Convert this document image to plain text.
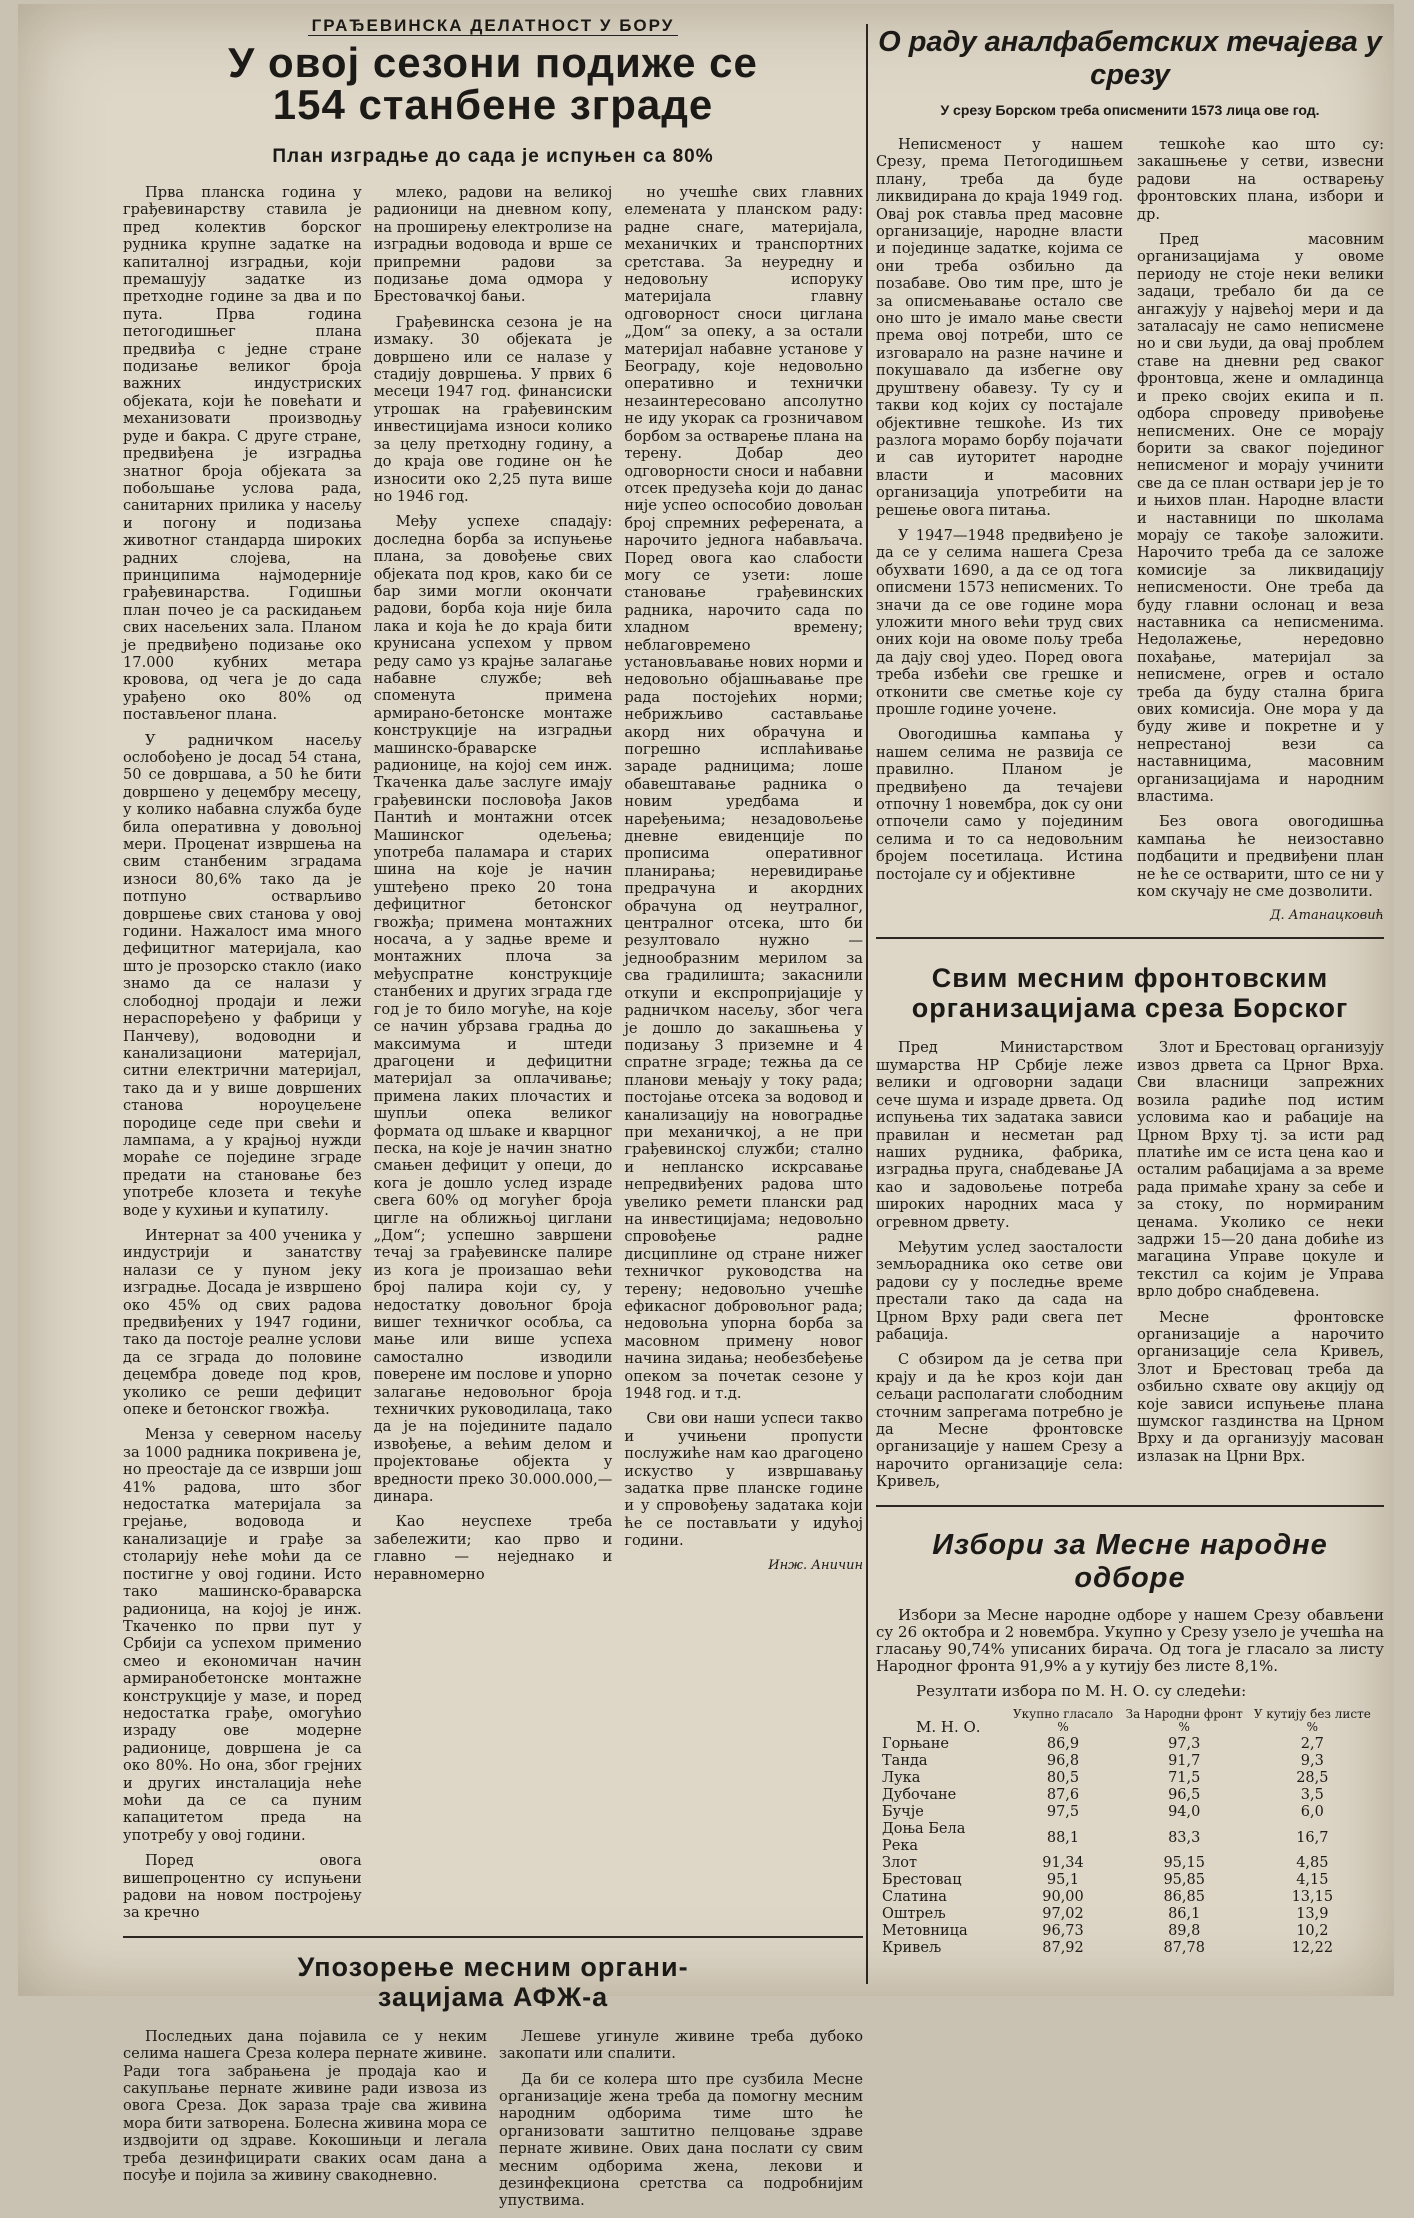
ГРАЂЕВИНСКА ДЕЛАТНОСТ У БОРУ
У овој сезони подиже се
154 станбене зграде
План изградње до сада је испуњен са 80%

Прва планска година у грађевинарству ставила је пред колектив борског рудника крупне задатке на капиталној изградњи, који премашују задатке из претходне године за два и по пута. Прва година петогодишњег плана предвиђа с једне стране подизање великог броја важних индустриских објеката, који ће повећати и механизовати производњу руде и бакра. С друге стране, предвиђена је изградња знатног броја објеката за побољшање услова рада, санитарних прилика у насељу и погону и подизања животног стандарда широких радних слојева, на принципима најмодерније грађевинарства. Годишњи план почео је са раскидањем свих насељених зала. Планом је предвиђено подизање око 17.000 кубних метара кровова, од чега је до сада урађено око 80% од постављеног плана.

У радничком насељу ослобођено је досад 54 стана, 50 се довршава, а 50 ће бити довршено у децембру месецу, у колико набавна служба буде била оперативна у довољној мери. Проценат извршења на свим станбеним зградама износи 80,6% тако да је потпуно остварљиво довршење свих станова у овој години. Нажалост има много дефицитног материјала, као што је прозорско стакло (иако знамо да се налази у слободној продаји и лежи нераспоређено у фабрици у Панчеву), водоводни и канализациони материјал, ситни електрични материјал, тако да и у више довршених станова нороуцељене породице седе при свећи и лампама, а у крајњој нужди мораће се поједине зграде предати на становање без употребе клозета и текуће воде у кухињи и купатилу.

Интернат за 400 ученика у индустрији и занатству налази се у пуном јеку изградње. Досада је извршено око 45% од свих радова предвиђених у 1947 години, тако да постоје реалне услови да се зграда до половине децембра доведе под кров, уколико се реши дефицит опеке и бетонског гвожђа.

Мензa у северном насељу за 1000 радника покривена је, но преостаје да се изврши још 41% радова, што због недостатка материјала за грејање, водовода и канализације и грађе за столарију неће моћи да се постигне у овој години. Исто тако машинско-браварска радионица, на којој је инж. Ткаченко по први пут у Србији са успехом применио смео и економичан начин армиранобетонске монтажне конструкције у мазе, и поред недостатка грађе, омогућио израду ове модерне радионице, довршена је са око 80%. Но она, због грејних и других инсталација неће моћи да се са пуним капацитетом преда на употребу у овој години.

Поред овога вишепроцентно су испуњени радови на новом постројењу за кречно

млеко, радови на великој радионици на дневном копу, на проширењу електролизе на изградњи водовода и врше се припремни радови за подизање дома одмора у Брестовачкој бањи.

Грађевинска сезона је на измаку. 30 објеката је довршено или се налазе у стадију довршења. У првих 6 месеци 1947 год. финансиски утрошак на грађевинским инвестицијама износи колико за целу претходну годину, а до краја ове године он ће износити око 2,25 пута више но 1946 год.

Међу успехе спадају: доследна борба за испуњење плана, за довођење свих објеката под кров, како би се бар зими могли окончати радови, борба која није била лака и која ће до краја бити крунисана успехом у првом реду само уз крајње залагање набавне службе; већ споменута примена армирано-бетонске монтаже конструкције на изградњи машинско-браварске радионице, на којој сем инж. Ткаченка даље заслуге имају грађевински пословођа Јаков Пантић и монтажни отсек Машинског одељења; употреба паламара и старих шина на које је начин уштеђено преко 20 тона дефицитног бетонског гвожђа; примена монтажних носача, а у задње време и монтажних плоча за међуспратне конструкције станбених и других зграда где год је то било могуће, на које се начин убрзава градња до максимума и штеди драгоцени и дефицитни материјал за оплачивање; примена лаких плочастих и шупљи опека великог формата од шљаке и кварцног песка, на које је начин знатно смањен дефицит у опеци, до кога је дошло услед израде свега 60% од могућег броја цигле на оближњој циглани „Дом“; успешно завршени течај за грађевинске палире из кога је произашао већи број палира који су, у недостатку довољног броја вишег техничког особља, са мање или више успеха самостално изводили поверене им послове и упорно залагање недовољног броја техничких руководилаца, тако да је на поједините падало извођење, а већим делом и пројектовање објекта у вредности преко 30.000.000,— динара.

Као неуспехе треба забележити; као прво и главно — неједнако и неравномерно

но учешће свих главних елемената у планском раду: радне снаге, материјала, механичких и транспортних сретстава. За неуредну и недовољну испоруку материјала главну одговорност сноси циглана „Дом“ за опеку, а за остали материјал набавне установе у Београду, које недовољно оперативно и технички незаинтересовано апсолутно не иду укорак са грозничавом борбом за остварење плана на терену. Добар део одговорности сноси и набавни отсек предузећа који до данас није успео оспособио довољан број спремних референата, а нарочито једнога набављача. Поред овога као слабости могу се узети: лоше становање грађевинских радника, нарочито сада по хладном времену; неблаговремено установљавање нових норми и недовољно објашњавање пре рада постојећих норми; небрижљиво састављање акорд них обрачуна и погрешно исплаћивање зараде радницима; лоше обавештавање радника о новим уредбама и наређењима; незадовољење дневне евиденције по прописима оперативног планирања; неревидирање предрачуна и акордних обрачуна од неутралног, централног отсека, што би резултовало нужно — једнообразним мерилом за сва градилишта; закаснили откупи и експропријације у радничком насељу, због чега је дошло до закашњења у подизању 3 приземне и 4 спратне зграде; тежња да се планови мењају у току рада; постојање отсека за водовод и канализацију на новоградње при механичкој, а не при грађевинској служби; стално и непланско искрсавање непредвиђених радова што увелико ремети плански рад на инвестицијама; недовољно спровођење радне дисциплине од стране нижег техничког руководства на терену; недовољно учешће ефикасног добровољног рада; недовољна упорна борба за масовном примену новог начина зидања; необезбеђење опеком за почетак сезоне у 1948 год. и т.д.

Сви ови наши успеси такво и учињени пропусти послужиће нам као драгоцено искуство у извршавању задатка прве планске године и у спровођењу задатака који ће се постављати у идућој години.

Инж. Аничин
Упозорење месним органи-
зацијама АФЖ-а

Последњих дана појавила се у неким селима нашега Среза колера пернате живине. Ради тога забрањена је продаја као и сакупљање пернате живине ради извоза из овога Среза. Док зараза траје сва живина мора бити затворена. Болесна живина мора се издвојити од здраве. Кокошињци и легала треба дезинфицирати сваких осам дана а посуђе и појила за живину свакодневно.

Лешеве угинуле живине треба дубоко закопати или спалити.

Да би се колера што пре сузбила Месне организације жена треба да помогну месним народним одборима тиме што ће организовати заштитно пелцовање здраве пернате живине. Ових дана послати су свим месним одборима жена, лекови и дезинфекциона сретства са подробнијим упуствима.

О раду аналфабетских течајева у срезу
У срезу Борском треба описменити 1573 лица ове год.

Неписменост у нашем Срезу, према Петогодишњем плану, треба да буде ликвидирана до краја 1949 год. Овај рок ставља пред масовне организације, народне власти и појединце задатке, којима се они треба озбиљно да позабаве. Ово тим пре, што је за описмењавање остало све оно што је имало мање свести према овој потреби, што се изговарало на разне начине и покушавало да избегне ову друштвену обавезу. Ту су и такви код којих су постајале објективне тешкоће. Из тих разлога морамо борбу појачати и сав иуторитет народне власти и масовних организација употребити на решење овога питања.

У 1947—1948 предвиђено је да се у селима нашега Среза обухвати 1690, а да се од тога описмени 1573 неписмених. То значи да се ове године мора уложити много већи труд свих оних који на овоме пољу треба да дају свој удео. Поред овога треба избећи све грешке и отконити све сметње које су прошле године уочене.

Овогодишња кампања у нашем селима не развија се правилно. Планом је предвиђено да течајеви отпочну 1 новембра, док су они отпочели само у појединим селима и то са недовољним бројем посетилаца. Истина постојале су и објективне

тешкоће као што су: закашњење у сетви, извесни радови на остварењу фронтовских плана, избори и др.

Пред масовним организацијама у овоме периоду не стоје неки велики задаци, требало би да се ангажују у највећој мери и да заталасају не само неписмене но и сви људи, да овај проблем ставе на дневни ред сваког фронтовца, жене и омладинца и преко својих екипа и п. одбора спроведу привођење неписмених. Оне се морају борити за сваког појединог неписменог и морају учинити све да се план оствари јер је то и њихов план. Народне власти и наставници по школама морају се такође заложити. Нарочито треба да се заложе комисије за ликвидацију неписмености. Оне треба да буду главни ослонац и веза наставника са неписменима. Недолажење, нередовно похађање, материјал за неписмене, огрев и остало треба да буду стална брига ових комисија. Оне мора у да буду живе и покретне и у непрестаној вези са наставницима, масовним организацијама и народним властима.

Без овога овогодишња кампања ће неизоставно подбацити и предвиђени план не ће се остварити, што се ни у ком скучају не сме дозволити.

Д. Атанацковић
Свим месним фронтовским
организацијама среза Борског

Пред Министарством шумарства НР Србије леже велики и одговорни задаци сече шума и израде дрвета. Од испуњења тих задатака зависи правилан и несметан рад наших рудника, фабрика, изградња пруга, снабдевање ЈА као и задовољење потреба широких народних маса у огревном дрвету.

Међутим услед заосталости земљорадника око сетве ови радови су у последње време престали тако да сада на Црном Врху ради свега пет рабација.

С обзиром да је сетва при крају и да ће кроз који дан сељаци располагати слободним сточним запрегама потребно је да Месне фронтовске организације у нашем Срезу а нарочито организације села: Кривељ,

Злот и Брестовац организују извоз дрвета са Црног Врха. Сви власници запрежних возила радиће под истим условима као и рабације на Црном Врху тј. за исти рад платиће им се иста цена као и осталим рабацијама а за време рада примаће храну за себе и за стоку, по нормираним ценама. Уколико се неки задржи 15—20 дана добиће из магацина Управе цокуле и текстил са којим је Управа врло добро снабдевена.

Месне фронтовске организације а нарочито организације села Кривељ, Злот и Брестовац треба да озбиљно схвате ову акцију од које зависи испуњење плана шумског газдинства на Црном Врху и да организују масован излазак на Црни Врх.

Избори за Месне народне одборе

Избори за Месне народне одборе у нашем Срезу обављени су 26 октобра и 2 новембра. Укупно у Срезу узело је учешћа на гласању 90,74% уписаних бирача. Од тога је гласало за листу Народног фронта 91,9% а у кутију без листе 8,1%.

Резултати избора по М. Н. О. су следећи:

М. Н. О.	Укупно гласало %	За Народни фронт %	У кутију без листе %
Горњане	86,9	97,3	2,7
Танда	96,8	91,7	9,3
Лука	80,5	71,5	28,5
Дубочане	87,6	96,5	3,5
Бучје	97,5	94,0	6,0
Доња Бела Река	88,1	83,3	16,7
Злот	91,34	95,15	4,85
Брестовац	95,1	95,85	4,15
Слатина	90,00	86,85	13,15
Оштрељ	97,02	86,1	13,9
Метовница	96,73	89,8	10,2
Кривељ	87,92	87,78	12,22
